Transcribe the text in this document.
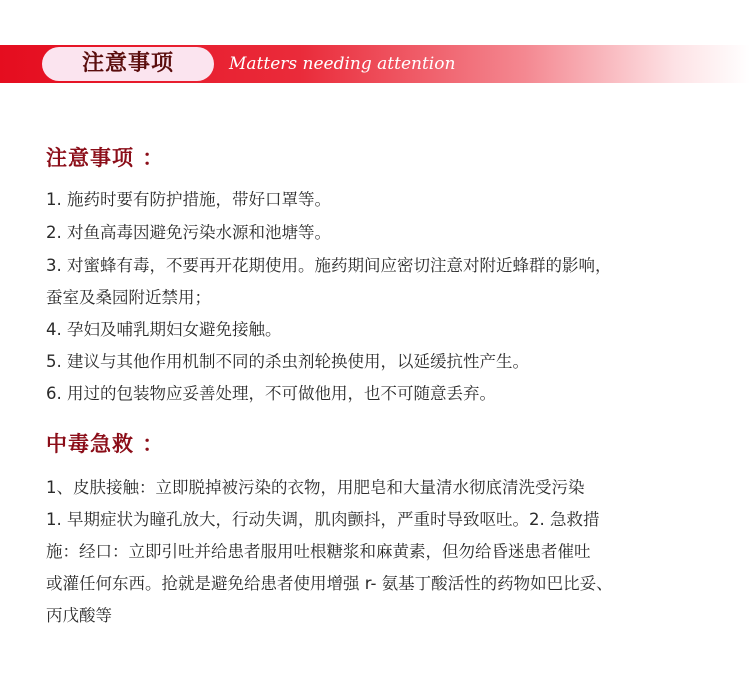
注意事项	Matters needing attention
注意事项 ：
1. 施药时要有防护措施，带好口罩等。
2. 对鱼高毒因避免污染水源和池塘等。
3. 对蜜蜂有毒，不要再开花期使用。施药期间应密切注意对附近蜂群的影响，
蚕室及桑园附近禁用；
4. 孕妇及哺乳期妇女避免接触。
5. 建议与其他作用机制不同的杀虫剂轮换使用，以延缓抗性产生。
6. 用过的包装物应妥善处理，不可做他用，也不可随意丢弃。
中毒急救 ：
1、皮肤接触：立即脱掉被污染的衣物，用肥皂和大量清水彻底清洗受污染
1. 早期症状为瞳孔放大，行动失调，肌肉颤抖，严重时导致呕吐。2. 急救措
施：经口：立即引吐并给患者服用吐根糖浆和麻黄素，但勿给昏迷患者催吐
或灌任何东西。抢就是避免给患者使用增强 r- 氨基丁酸活性的药物如巴比妥、
丙戊酸等
